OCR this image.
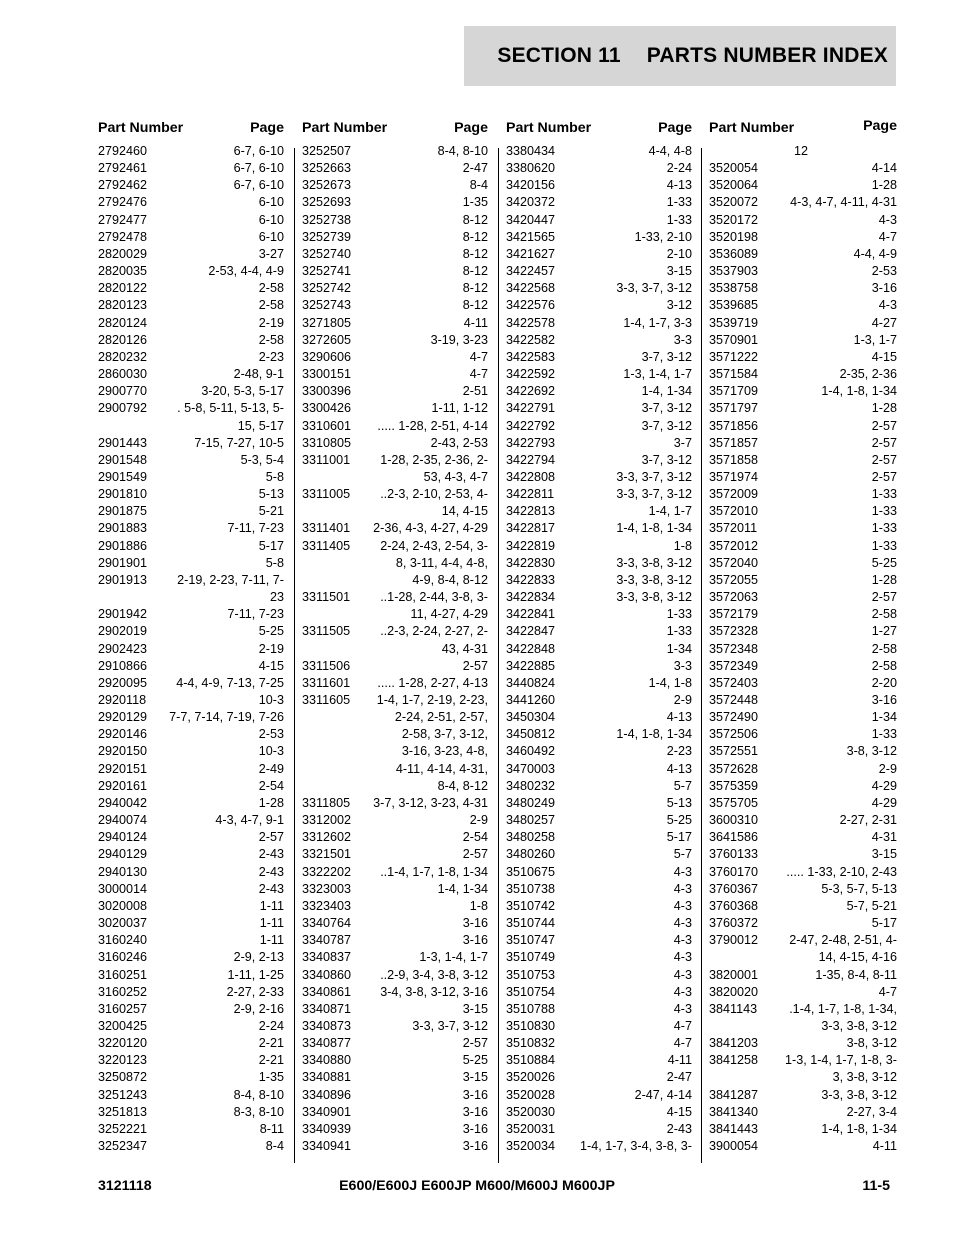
SECTION 11 PARTS NUMBER INDEX
Part Number	Page
2792460	6-7, 6-10
2792461	6-7, 6-10
2792462	6-7, 6-10
2792476	6-10
2792477	6-10
2792478	6-10
2820029	3-27
2820035	2-53, 4-4, 4-9
2820122	2-58
2820123	2-58
2820124	2-19
2820126	2-58
2820232	2-23
2860030	2-48, 9-1
2900770	3-20, 5-3, 5-17
2900792	. 5-8, 5-11, 5-13, 5-
15, 5-17
2901443	7-15, 7-27, 10-5
2901548	5-3, 5-4
2901549	5-8
2901810	5-13
2901875	5-21
2901883	7-11, 7-23
2901886	5-17
2901901	5-8
2901913	2-19, 2-23, 7-11, 7-
23
2901942	7-11, 7-23
2902019	5-25
2902423	2-19
2910866	4-15
2920095	4-4, 4-9, 7-13, 7-25
2920118	10-3
2920129	7-7, 7-14, 7-19, 7-26
2920146	2-53
2920150	10-3
2920151	2-49
2920161	2-54
2940042	1-28
2940074	4-3, 4-7, 9-1
2940124	2-57
2940129	2-43
2940130	2-43
3000014	2-43
3020008	1-11
3020037	1-11
3160240	1-11
3160246	2-9, 2-13
3160251	1-11, 1-25
3160252	2-27, 2-33
3160257	2-9, 2-16
3200425	2-24
3220120	2-21
3220123	2-21
3250872	1-35
3251243	8-4, 8-10
3251813	8-3, 8-10
3252221	8-11
3252347	8-4
Part Number	Page
3252507	8-4, 8-10
3252663	2-47
3252673	8-4
3252693	1-35
3252738	8-12
3252739	8-12
3252740	8-12
3252741	8-12
3252742	8-12
3252743	8-12
3271805	4-11
3272605	3-19, 3-23
3290606	4-7
3300151	4-7
3300396	2-51
3300426	1-11, 1-12
3310601	..... 1-28, 2-51, 4-14
3310805	2-43, 2-53
3311001	1-28, 2-35, 2-36, 2-
53, 4-3, 4-7
3311005	..2-3, 2-10, 2-53, 4-
14, 4-15
3311401	2-36, 4-3, 4-27, 4-29
3311405	2-24, 2-43, 2-54, 3-
8, 3-11, 4-4, 4-8,
4-9, 8-4, 8-12
3311501	..1-28, 2-44, 3-8, 3-
11, 4-27, 4-29
3311505	..2-3, 2-24, 2-27, 2-
43, 4-31
3311506	2-57
3311601	..... 1-28, 2-27, 4-13
3311605	1-4, 1-7, 2-19, 2-23,
2-24, 2-51, 2-57,
2-58, 3-7, 3-12,
3-16, 3-23, 4-8,
4-11, 4-14, 4-31,
8-4, 8-12
3311805	3-7, 3-12, 3-23, 4-31
3312002	2-9
3312602	2-54
3321501	2-57
3322202	..1-4, 1-7, 1-8, 1-34
3323003	1-4, 1-34
3323403	1-8
3340764	3-16
3340787	3-16
3340837	1-3, 1-4, 1-7
3340860	..2-9, 3-4, 3-8, 3-12
3340861	3-4, 3-8, 3-12, 3-16
3340871	3-15
3340873	3-3, 3-7, 3-12
3340877	2-57
3340880	5-25
3340881	3-15
3340896	3-16
3340901	3-16
3340939	3-16
3340941	3-16
Part Number	Page
3380434	4-4, 4-8
3380620	2-24
3420156	4-13
3420372	1-33
3420447	1-33
3421565	1-33, 2-10
3421627	2-10
3422457	3-15
3422568	3-3, 3-7, 3-12
3422576	3-12
3422578	1-4, 1-7, 3-3
3422582	3-3
3422583	3-7, 3-12
3422592	1-3, 1-4, 1-7
3422692	1-4, 1-34
3422791	3-7, 3-12
3422792	3-7, 3-12
3422793	3-7
3422794	3-7, 3-12
3422808	3-3, 3-7, 3-12
3422811	3-3, 3-7, 3-12
3422813	1-4, 1-7
3422817	1-4, 1-8, 1-34
3422819	1-8
3422830	3-3, 3-8, 3-12
3422833	3-3, 3-8, 3-12
3422834	3-3, 3-8, 3-12
3422841	1-33
3422847	1-33
3422848	1-34
3422885	3-3
3440824	1-4, 1-8
3441260	2-9
3450304	4-13
3450812	1-4, 1-8, 1-34
3460492	2-23
3470003	4-13
3480232	5-7
3480249	5-13
3480257	5-25
3480258	5-17
3480260	5-7
3510675	4-3
3510738	4-3
3510742	4-3
3510744	4-3
3510747	4-3
3510749	4-3
3510753	4-3
3510754	4-3
3510788	4-3
3510830	4-7
3510832	4-7
3510884	4-11
3520026	2-47
3520028	2-47, 4-14
3520030	4-15
3520031	2-43
3520034	1-4, 1-7, 3-4, 3-8, 3-
Part Number	Page
12
3520054	4-14
3520064	1-28
3520072	4-3, 4-7, 4-11, 4-31
3520172	4-3
3520198	4-7
3536089	4-4, 4-9
3537903	2-53
3538758	3-16
3539685	4-3
3539719	4-27
3570901	1-3, 1-7
3571222	4-15
3571584	2-35, 2-36
3571709	1-4, 1-8, 1-34
3571797	1-28
3571856	2-57
3571857	2-57
3571858	2-57
3571974	2-57
3572009	1-33
3572010	1-33
3572011	1-33
3572012	1-33
3572040	5-25
3572055	1-28
3572063	2-57
3572179	2-58
3572328	1-27
3572348	2-58
3572349	2-58
3572403	2-20
3572448	3-16
3572490	1-34
3572506	1-33
3572551	3-8, 3-12
3572628	2-9
3575359	4-29
3575705	4-29
3600310	2-27, 2-31
3641586	4-31
3760133	3-15
3760170	..... 1-33, 2-10, 2-43
3760367	5-3, 5-7, 5-13
3760368	5-7, 5-21
3760372	5-17
3790012	2-47, 2-48, 2-51, 4-
14, 4-15, 4-16
3820001	1-35, 8-4, 8-11
3820020	4-7
3841143	.1-4, 1-7, 1-8, 1-34,
3-3, 3-8, 3-12
3841203	3-8, 3-12
3841258	1-3, 1-4, 1-7, 1-8, 3-
3, 3-8, 3-12
3841287	3-3, 3-8, 3-12
3841340	2-27, 3-4
3841443	1-4, 1-8, 1-34
3900054	4-11
3121118	E600/E600J E600JP M600/M600J M600JP	11-5
